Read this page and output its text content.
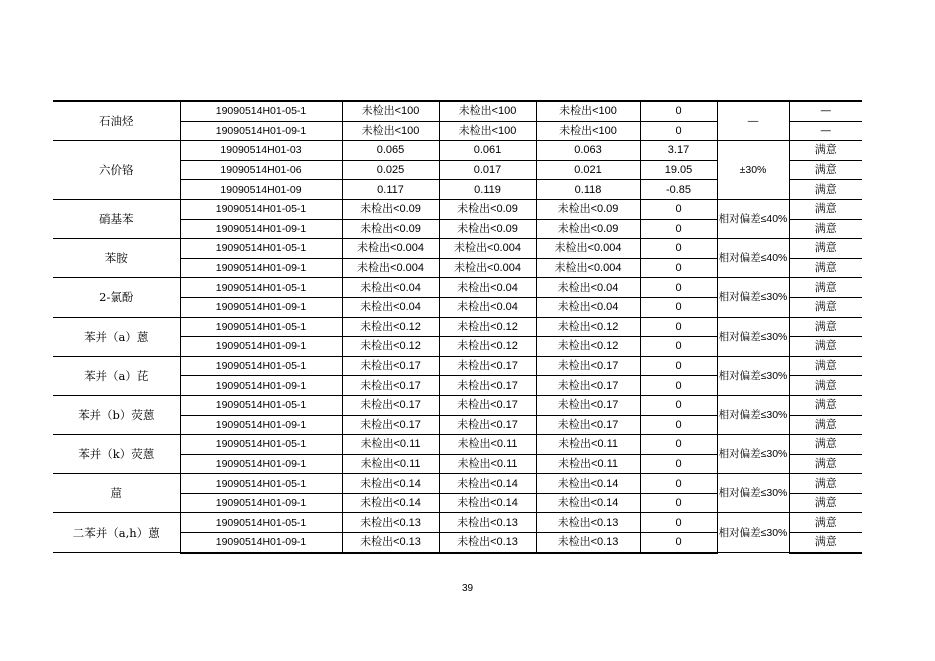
石油烃	19090514H01-05-1	未检出<100	未检出<100	未检出<100	0	—	—
	19090514H01-09-1	未检出<100	未检出<100	未检出<100	0		—
六价铬	19090514H01-03	0.065	0.061	0.063	3.17	±30%	满意
	19090514H01-06	0.025	0.017	0.021	19.05		满意
	19090514H01-09	0.117	0.119	0.118	-0.85		满意
硝基苯	19090514H01-05-1	未检出<0.09	未检出<0.09	未检出<0.09	0	相对偏差≤40%	满意
	19090514H01-09-1	未检出<0.09	未检出<0.09	未检出<0.09	0		满意
苯胺	19090514H01-05-1	未检出<0.004	未检出<0.004	未检出<0.004	0	相对偏差≤40%	满意
	19090514H01-09-1	未检出<0.004	未检出<0.004	未检出<0.004	0		满意
2-氯酚	19090514H01-05-1	未检出<0.04	未检出<0.04	未检出<0.04	0	相对偏差≤30%	满意
	19090514H01-09-1	未检出<0.04	未检出<0.04	未检出<0.04	0		满意
苯并（a）蒽	19090514H01-05-1	未检出<0.12	未检出<0.12	未检出<0.12	0	相对偏差≤30%	满意
	19090514H01-09-1	未检出<0.12	未检出<0.12	未检出<0.12	0		满意
苯并（a）芘	19090514H01-05-1	未检出<0.17	未检出<0.17	未检出<0.17	0	相对偏差≤30%	满意
	19090514H01-09-1	未检出<0.17	未检出<0.17	未检出<0.17	0		满意
苯并（b）荧蒽	19090514H01-05-1	未检出<0.17	未检出<0.17	未检出<0.17	0	相对偏差≤30%	满意
	19090514H01-09-1	未检出<0.17	未检出<0.17	未检出<0.17	0		满意
苯并（k）荧蒽	19090514H01-05-1	未检出<0.11	未检出<0.11	未检出<0.11	0	相对偏差≤30%	满意
	19090514H01-09-1	未检出<0.11	未检出<0.11	未检出<0.11	0		满意
䓛	19090514H01-05-1	未检出<0.14	未检出<0.14	未检出<0.14	0	相对偏差≤30%	满意
	19090514H01-09-1	未检出<0.14	未检出<0.14	未检出<0.14	0		满意
二苯并（a,h）蒽	19090514H01-05-1	未检出<0.13	未检出<0.13	未检出<0.13	0	相对偏差≤30%	满意
	19090514H01-09-1	未检出<0.13	未检出<0.13	未检出<0.13	0		满意
39
